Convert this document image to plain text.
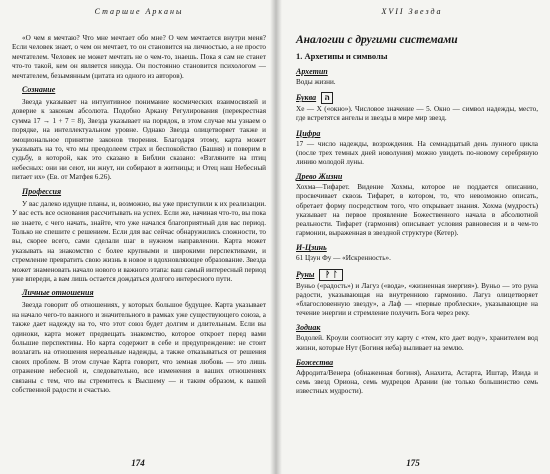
Старшие Арканы

«О чем я мечтаю? Что мне мечтает обо мне? О чем мечтается внутри меня? Если человек знает, о чем он мечтает, то он становится на личностью, а не просто мечтателем. Человек не может мечтать не о чем-то, знаешь. Пока я сам не станет что-то такой, кем он является никуда. Он постоянно становится психологом — мечтателем, безымянным (цитата из одного из авторов).

Сознание

Звезда указывает на интуитивное понимание космических взаимосвязей и доверие к законам абсолюта. Подобно Аркану Регулирования (перекрестная сумма 17 → 1 + 7 = 8), Звезда указывает на порядок, в этом случае мы узнаем о порядке, на интеллектуальном уровне. Однако Звезда олицетворяет также и эмоциональное принятие законов творения. Благодаря этому, карта может указывать на то, что мы преодолеем страх и беспокойство (Башня) и поверим в судьбу, в которой, как это сказано в Библии сказано: «Взгляните на птиц небесных: они ни сеют, ни жнут, ни собирают в житницы; и Отец наш Небесный питает их» (Ев. от Матфея 6.26).

Профессия

У вас далеко идущие планы, и, возможно, вы уже приступили к их реализации. У вас есть все основания рассчитывать на успех. Если же, начиная что-то, вы пока не знаете, с чего начать, знайте, что уже начался благоприятный для вас период. Только не спешите с решением. Если для вас сейчас обнаружились сложности, то вы, скорее всего, сами сделали шаг в нужном направлении. Карта может указывать на знакомство с более крупными и широкими перспективами, и стремление превратить свою жизнь в новое и вдохновляющее образование. Звезда может знаменовать начало нового и важного этапа: ваш самый интересный период уже впереди, а вам лишь остается дождаться долгого интересного пути.

Личные отношения

Звезда говорит об отношениях, у которых большое будущее. Карта указывает на начало чего-то важного и значительного в рамках уже существующего союза, а также дает надежду на то, что этот союз будет долгим и длительным. Если вы одиноки, карта может предвещать знакомство, которое откроет перед вами большие перспективы. Но карта содержит в себе и предупреждение: не стоит возлагать на отношения нереальные надежды, а также отказываться от решения своих проблем. В этом случае Карта говорит, что земная любовь — это лишь отражение небесной и, следовательно, все изменения в ваших отношениях связаны с тем, что вы стремитесь к Высшему — и таким образом, к вашей собственной радости и счастью.

174
XVII Звезда
Аналогии с другими системами
1. Архетипы и символы
Архетип
Воды жизни.
Буква	ה
Хе — Х («окно»). Числовое значение — 5. Окно — символ надежды, место, где встретятся ангелы и звезды в мире мир звезд.
Цифра
17 — число надежды, возрождения. На семнадцатый день лунного цикла (после трех темных дней новолуния) можно увидеть по-новому серебряную линию молодой луны.
Древо Жизни
Хохма—Тифарет. Видение Хохмы, которое не поддается описанию, просвечивает сквозь Тифарет, в котором, то, что невозможно описать, обретает форму посредством того, что открывает знания. Хохма (мудрость) указывает на первое проявление Божественного начала в абсолютной реальности. Тифарет (гармония) описывает условия равновесия и в чем-то гармонии, выраженная в звездной структуре (Кетер).
И-Цзинь
61 Цзун Фу — «Искренность».
Руны	ᚹ ᛚ
Вуньо («радость») и Лагуз («вода», «жизненная энергия»). Вуньо — это руна радости, указывающая на внутреннюю гармонию. Лагуз олицетворяет «благословенную звезду», а Лаф — «первые проблески», указывающие на течение энергии и стремление получить Бога через реку.
Зодиак
Водолей. Кроули соотносит эту карту с «тем, кто дает воду», хранителем вод жизни, которые Нут (Богиня неба) выливает на землю.
Божества
Афродита/Венера (обнаженная богиня), Анахита, Астарта, Иштар, Изида и семь звезд Ориона, семь мудрецов Арании (не только большинство семь известных мудрости).
175
